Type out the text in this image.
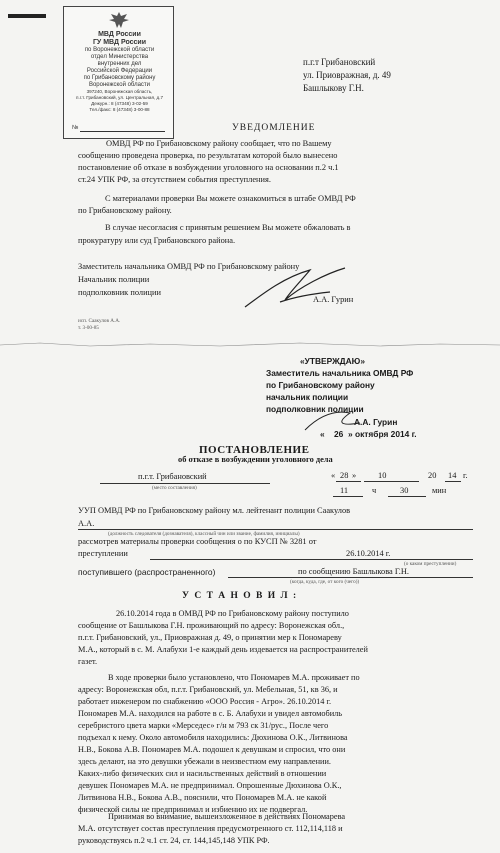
МВД России
ГУ МВД России
по Воронежской области
отдел Министерства
внутренних дел
Российской Федерации
по Грибановскому району
Воронежской области
397240, Воронежская область,
п.г.т. Грибановский, ул. Центральная, д.7
Дежурн.: 8 (47348) 3-02-59
Тел./факс: 8 (47348) 3-00-88
№
п.г.т Грибановский
ул. Приовражная, д. 49
Башлыкову Г.Н.
УВЕДОМЛЕНИЕ
ОМВД РФ по Грибановскому району сообщает, что по Вашему
сообщению проведена проверка, по результатам которой было вынесено
постановление об отказе в возбуждении уголовного на основании п.2 ч.1
ст.24 УПК РФ, за отсутствием события преступления.
С материалами проверки Вы можете ознакомиться в штабе ОМВД РФ
по Грибановскому району.
В случае несогласия с принятым решением Вы можете обжаловать в
прокуратуру или суд Грибановского района.
Заместитель начальника ОМВД РФ по Грибановскому району
Начальник полиции
подполковник полиции
А.А. Гурин
исп. Саакулов А.А.
т. 3-00-85
«УТВЕРЖДАЮ»
Заместитель начальника ОМВД РФ
по Грибановскому району
начальник полиции
подполковник полиции
А.А. Гурин
« 26 » октября 2014 г.
ПОСТАНОВЛЕНИЕ
об отказе в возбуждении уголовного дела
п.г.т. Грибановский
(место составления)
« 28 »	10	20 14 г.
11	ч	30	мин
УУП ОМВД РФ по Грибановскому районy мл. лейтенант полиции Саакулов
А.А.
(должность следователя (дознавателя), классный чин или звание, фамилия, инициалы)
рассмотрев материалы проверки сообщения о по КУСП № 3281 от
преступлении	26.10.2014 г.
(о каком преступлении)
поступившего (распространенного)	по сообщению Башлыкова Г.Н.
(когда, куда, где, от кого (чего))
У С Т А Н О В И Л :
26.10.2014 года в ОМВД РФ по Грибановскому району поступило
сообщение от Башлыкова Г.Н. проживающий по адресу: Воронежская обл.,
п.г.т. Грибановский, ул., Приовражная д. 49, о принятии мер к Пономареву
М.А., который в с. М. Алабухи 1-е каждый день издевается на распространителей
газет.
В ходе проверки было установлено, что Пономарев М.А. проживает по
адресу: Воронежская обл, п.г.т. Грибановский, ул. Мебельная, 51, кв 36, и
работает инженером по снабжению «ООО Россия - Агро». 26.10.2014 г.
Пономарев М.А. находился на работе в с. Б. Алабухи и увидел автомобиль
серебристого цвета марки «Мерседес» г/н м 793 ск 31/рус., После чего
подъехал к нему. Около автомобиля находились: Дюхинова О.К., Литвинова
Н.В., Бокова А.В. Пономарев М.А. подошел к девушкам и спросил, что они
здесь делают, на это девушки убежали в неизвестном ему направлении.
Каких-либо физических сил и насильственных действий в отношении
девушек Пономарев М.А. не предпринимал. Опрошенные Дюхинова О.К.,
Литвинова Н.В., Бокова А.В., пояснили, что Пономарев М.А. не какой
физической силы не предпринимал и избиению их не подвергал.
Принимая во внимание, вышеизложенное в действиях Пономарева
М.А. отсутствует состав преступления предусмотренного ст. 112,114,118 и
руководствуясь п.2 ч.1 ст. 24, ст. 144,145,148 УПК РФ.
